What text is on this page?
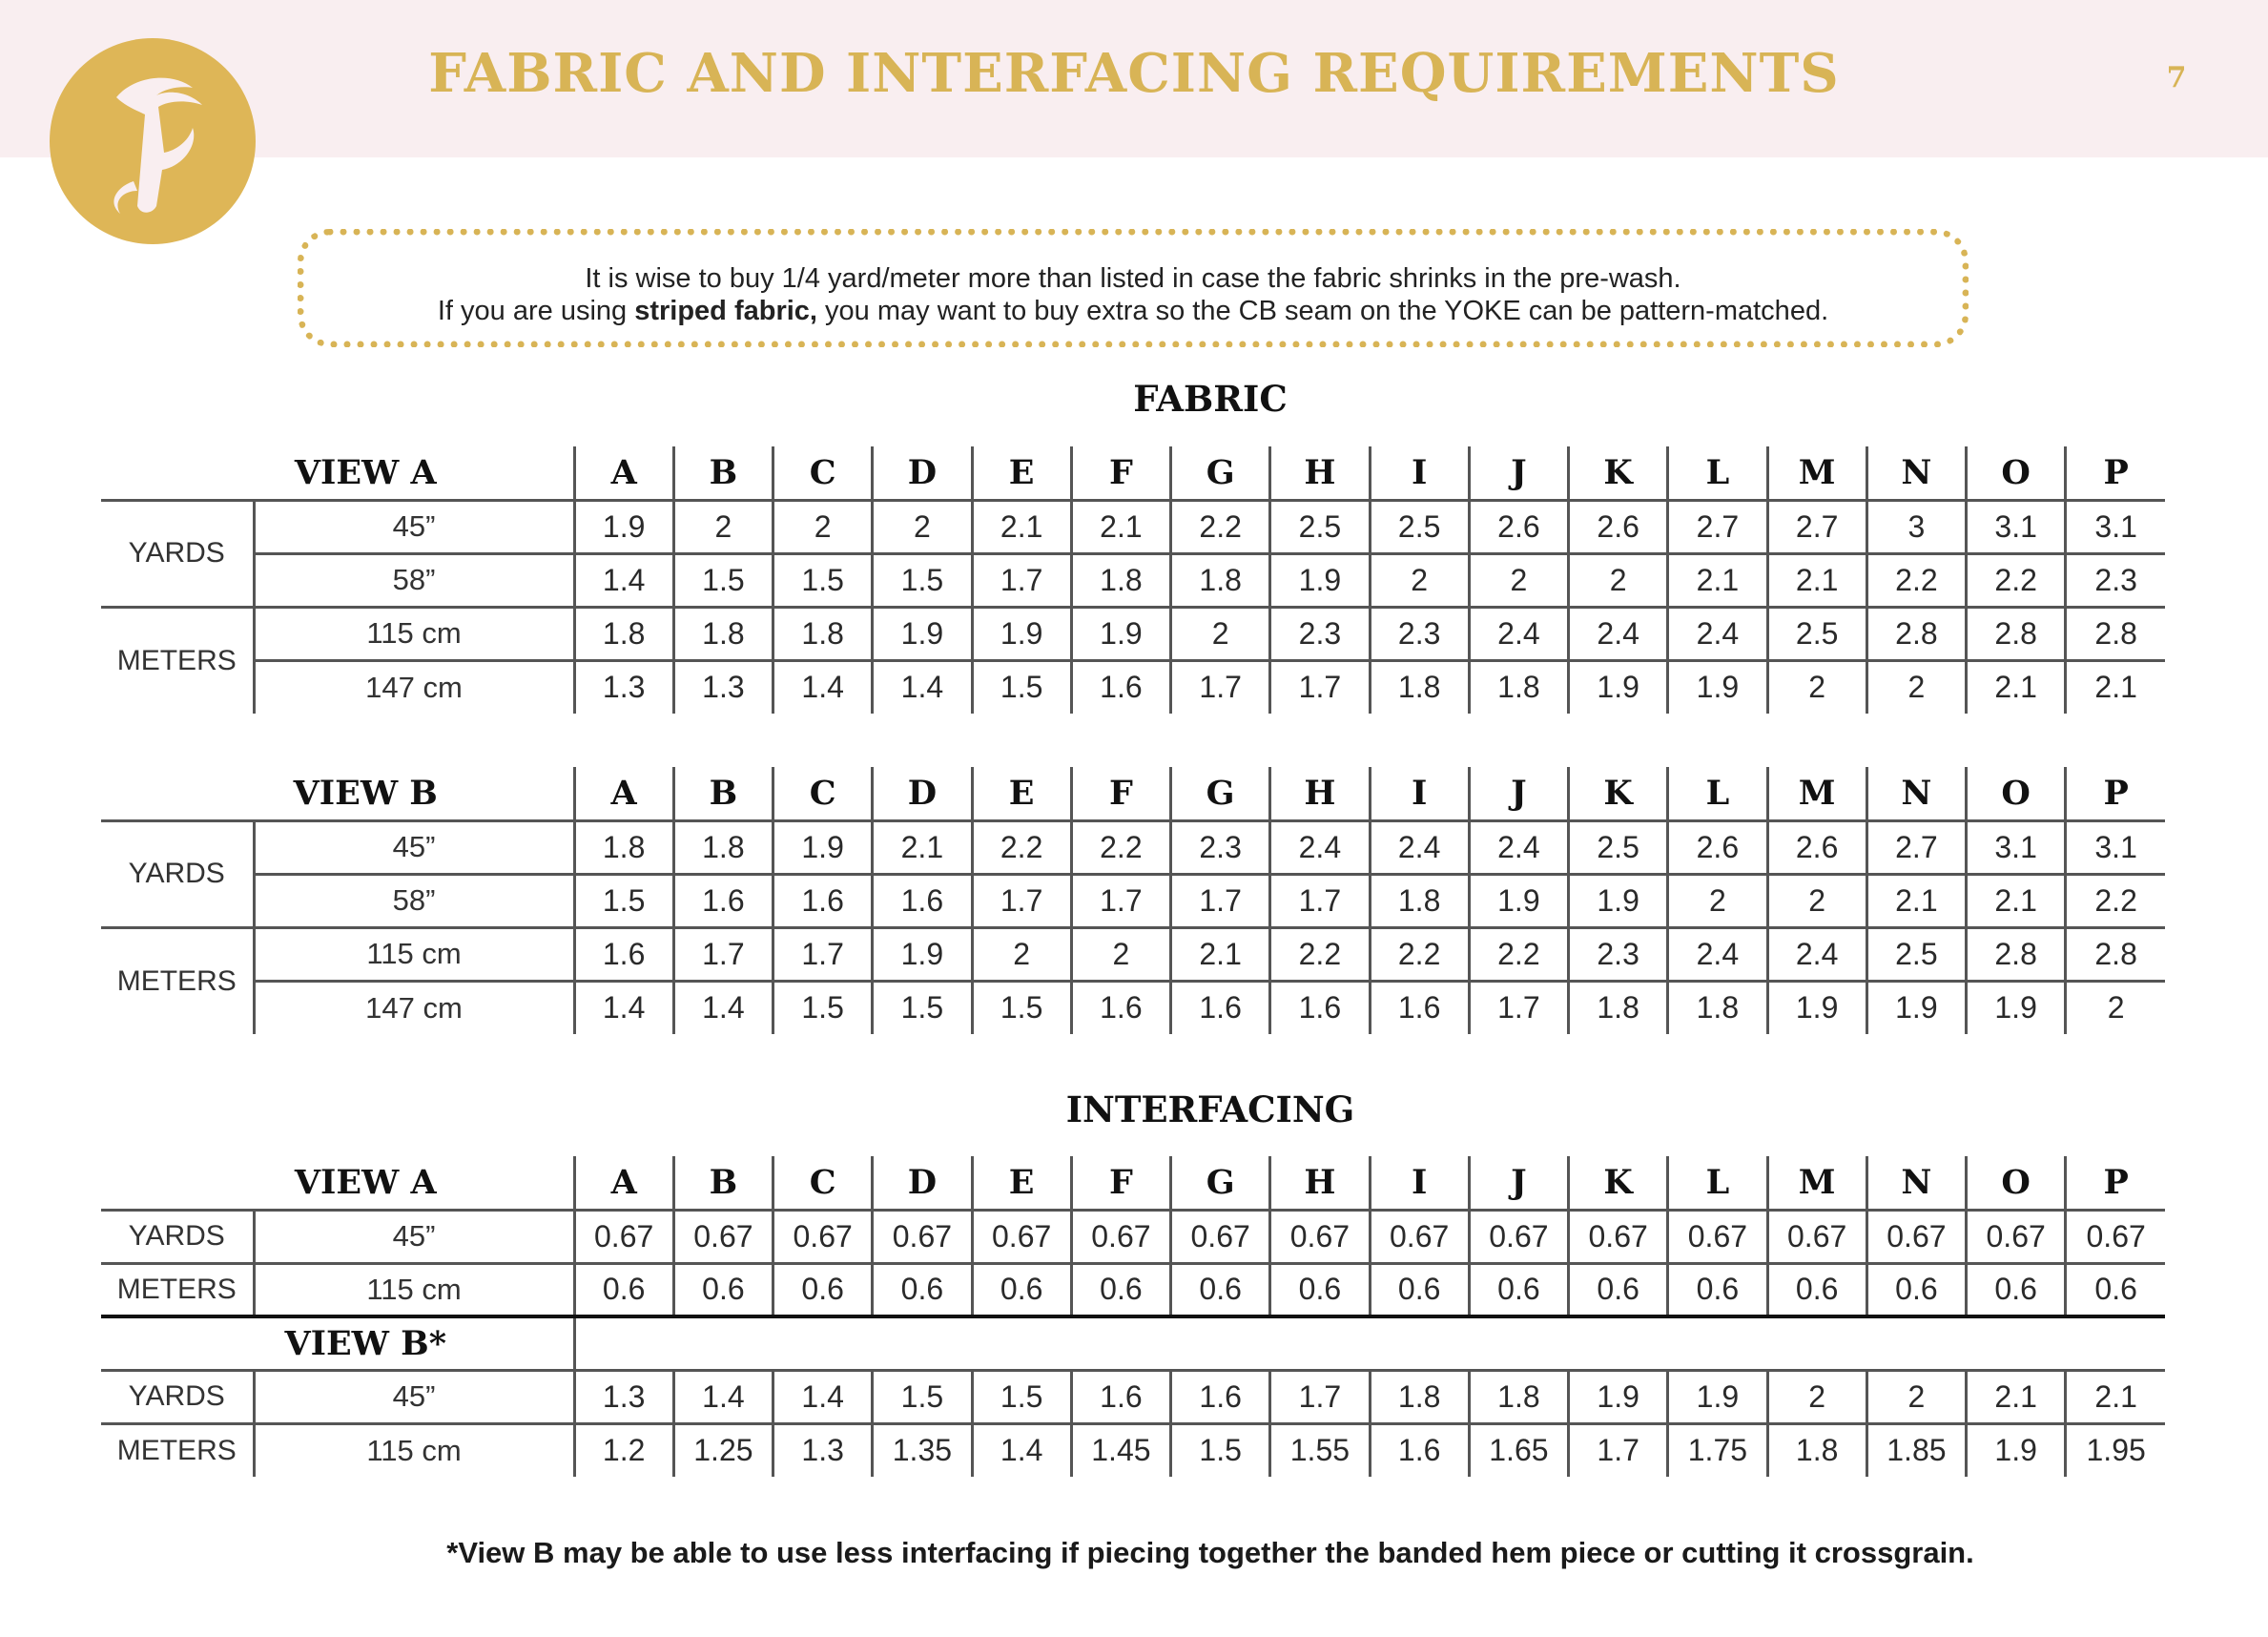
FABRIC AND INTERFACING REQUIREMENTS	7
It is wise to buy 1/4 yard/meter more than listed in case the fabric shrinks in the pre-wash.
If you are using striped fabric, you may want to buy extra so the CB seam on the YOKE can be pattern-matched.
FABRIC
VIEW A		A	B	C	D	E	F	G	H	I	J	K	L	M	N	O	P
YARDS	45”	1.9	2	2	2	2.1	2.1	2.2	2.5	2.5	2.6	2.6	2.7	2.7	3	3.1	3.1
	58”	1.4	1.5	1.5	1.5	1.7	1.8	1.8	1.9	2	2	2	2.1	2.1	2.2	2.2	2.3
METERS	115 cm	1.8	1.8	1.8	1.9	1.9	1.9	2	2.3	2.3	2.4	2.4	2.4	2.5	2.8	2.8	2.8
	147 cm	1.3	1.3	1.4	1.4	1.5	1.6	1.7	1.7	1.8	1.8	1.9	1.9	2	2	2.1	2.1
VIEW B		A	B	C	D	E	F	G	H	I	J	K	L	M	N	O	P
YARDS	45”	1.8	1.8	1.9	2.1	2.2	2.2	2.3	2.4	2.4	2.4	2.5	2.6	2.6	2.7	3.1	3.1
	58”	1.5	1.6	1.6	1.6	1.7	1.7	1.7	1.7	1.8	1.9	1.9	2	2	2.1	2.1	2.2
METERS	115 cm	1.6	1.7	1.7	1.9	2	2	2.1	2.2	2.2	2.2	2.3	2.4	2.4	2.5	2.8	2.8
	147 cm	1.4	1.4	1.5	1.5	1.5	1.6	1.6	1.6	1.6	1.7	1.8	1.8	1.9	1.9	1.9	2
INTERFACING
VIEW A		A	B	C	D	E	F	G	H	I	J	K	L	M	N	O	P
YARDS	45”	0.67	0.67	0.67	0.67	0.67	0.67	0.67	0.67	0.67	0.67	0.67	0.67	0.67	0.67	0.67	0.67
METERS	115 cm	0.6	0.6	0.6	0.6	0.6	0.6	0.6	0.6	0.6	0.6	0.6	0.6	0.6	0.6	0.6	0.6
VIEW B*																	
YARDS	45”	1.3	1.4	1.4	1.5	1.5	1.6	1.6	1.7	1.8	1.8	1.9	1.9	2	2	2.1	2.1
METERS	115 cm	1.2	1.25	1.3	1.35	1.4	1.45	1.5	1.55	1.6	1.65	1.7	1.75	1.8	1.85	1.9	1.95
*View B may be able to use less interfacing if piecing together the banded hem piece or cutting it crossgrain.
